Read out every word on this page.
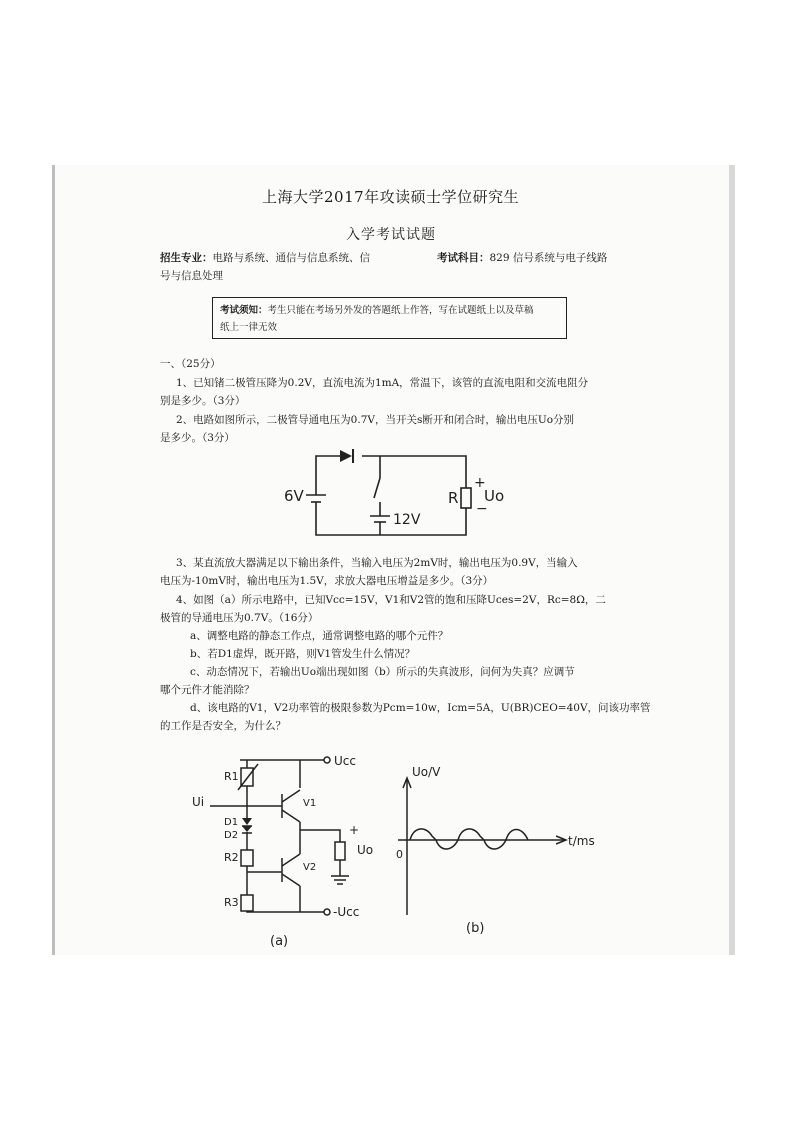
上海大学2017年攻读硕士学位研究生
入学考试试题
招生专业：电路与系统、通信与信息系统、信	考试科目：829 信号系统与电子线路
号与信息处理
考试须知：考生只能在考场另外发的答题纸上作答，写在试题纸上以及草稿
纸上一律无效
一、（25分）
1、已知锗二极管压降为0.2V，直流电流为1mA，常温下，该管的直流电阻和交流电阻分
别是多少。（3分）
2、电路如图所示，二极管导通电压为0.7V，当开关s断开和闭合时，输出电压Uo分别
是多少。（3分）
6V
12V
R
+
−
Uo
3、某直流放大器满足以下输出条件，当输入电压为2mV时，输出电压为0.9V，当输入
电压为-10mV时，输出电压为1.5V，求放大器电压增益是多少。（3分）
4、如图（a）所示电路中，已知Vcc=15V，V1和V2管的饱和压降Uces=2V，Rc=8Ω，二
极管的导通电压为0.7V。（16分）
a、调整电路的静态工作点，通常调整电路的哪个元件？
b、若D1虚焊，既开路，则V1管发生什么情况？
c、动态情况下，若输出Uo端出现如图（b）所示的失真波形，问何为失真？应调节
哪个元件才能消除？
d、该电路的V1，V2功率管的极限参数为Pcm=10w，Icm=5A，U(BR)CEO=40V，问该功率管
的工作是否安全，为什么？
Ucc
-Ucc
Ui
R1
D1
D2
R2
R3
V1
V2
+
Uo
(a)
Uo/V
t/ms
0
(b)
